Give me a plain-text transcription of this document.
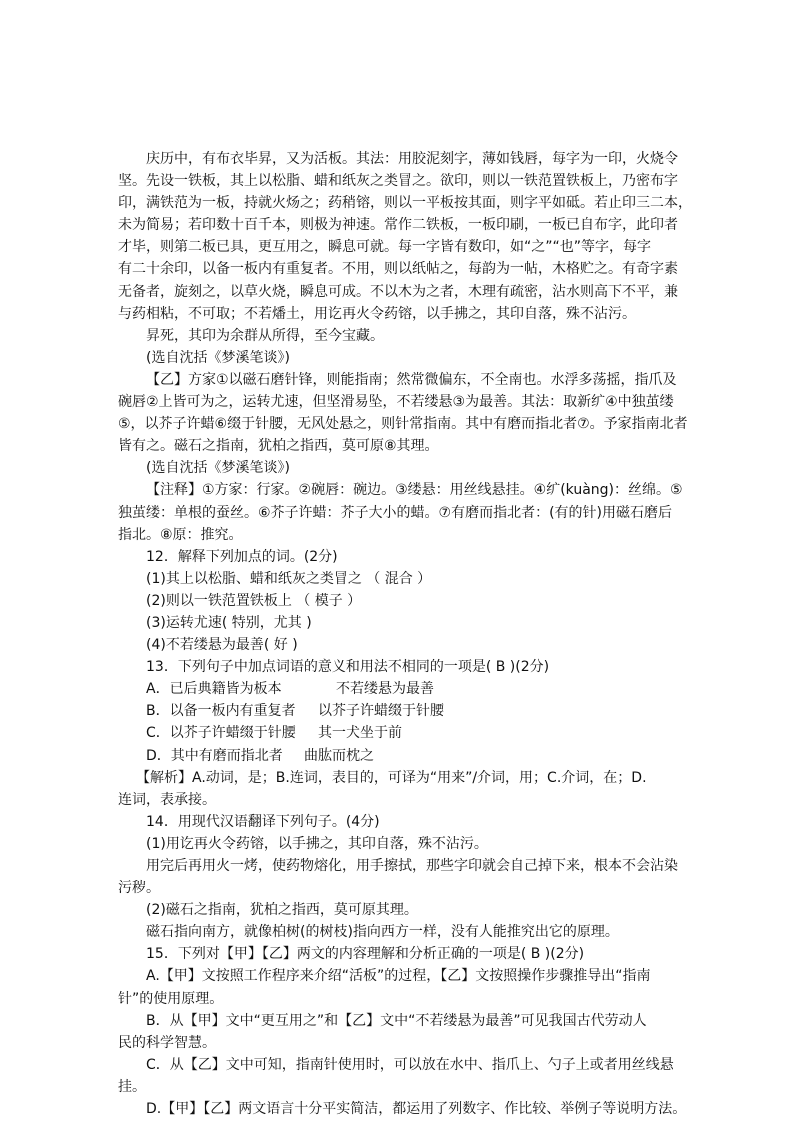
庆历中，有布衣毕昇，又为活板。其法：用胶泥刻字，薄如钱唇，每字为一印，火烧令

坚。先设一铁板，其上以松脂、蜡和纸灰之类冒之。欲印，则以一铁范置铁板上，乃密布字

印，满铁范为一板，持就火炀之；药稍镕，则以一平板按其面，则字平如砥。若止印三二本，

未为简易；若印数十百千本，则极为神速。常作二铁板，一板印刷，一板已自布字，此印者

才毕，则第二板已具，更互用之，瞬息可就。每一字皆有数印，如“之”“也”等字，每字

有二十余印，以备一板内有重复者。不用，则以纸帖之，每韵为一帖，木格贮之。有奇字素

无备者，旋刻之，以草火烧，瞬息可成。不以木为之者，木理有疏密，沾水则高下不平，兼

与药相粘，不可取；不若燔土，用讫再火令药镕，以手拂之，其印自落，殊不沾污。

昇死，其印为余群从所得，至今宝藏。

(选自沈括《梦溪笔谈》)

【乙】方家①以磁石磨针锋，则能指南；然常微偏东，不全南也。水浮多荡摇，指爪及

碗唇②上皆可为之，运转尤速，但坚滑易坠，不若缕悬③为最善。其法：取新纩④中独茧缕

⑤，以芥子许蜡⑥缀于针腰，无风处悬之，则针常指南。其中有磨而指北者⑦。予家指南北者

皆有之。磁石之指南，犹柏之指西，莫可原⑧其理。

(选自沈括《梦溪笔谈》)

【注释】①方家：行家。②碗唇：碗边。③缕悬：用丝线悬挂。④纩(kuàng)：丝绵。⑤

独茧缕：单根的蚕丝。⑥芥子许蜡：芥子大小的蜡。⑦有磨而指北者：(有的针)用磁石磨后

指北。⑧原：推究。

12．解释下列加点的词。(2分)

(1)其上以松脂、蜡和纸灰之类冒之 （ 混合 ）

(2)则以一铁范置铁板上 （ 模子 ）

(3)运转尤速( 特别，尤其 )

(4)不若缕悬为最善( 好 )

13．下列句子中加点词语的意义和用法不相同的一项是( B )(2分)

A．已后典籍皆为板本	不若缕悬为最善

B．以备一板内有重复者 以芥子许蜡缀于针腰

C．以芥子许蜡缀于针腰 其一犬坐于前

D．其中有磨而指北者 曲肱而枕之

【解析】A.动词，是；B.连词，表目的，可译为“用来”/介词，用；C.介词，在；D.

连词，表承接。

14．用现代汉语翻译下列句子。(4分)

(1)用讫再火令药镕，以手拂之，其印自落，殊不沾污。

用完后再用火一烤，使药物熔化，用手擦拭，那些字印就会自己掉下来，根本不会沾染

污秽。

(2)磁石之指南，犹柏之指西，莫可原其理。

磁石指向南方，就像柏树(的树枝)指向西方一样，没有人能推究出它的原理。

15．下列对【甲】【乙】两文的内容理解和分析正确的一项是( B )(2分)

A.【甲】文按照工作程序来介绍“活板”的过程，【乙】文按照操作步骤推导出“指南

针”的使用原理。

B．从【甲】文中“更互用之”和【乙】文中“不若缕悬为最善”可见我国古代劳动人

民的科学智慧。

C．从【乙】文中可知，指南针使用时，可以放在水中、指爪上、勺子上或者用丝线悬

挂。

D.【甲】【乙】两文语言十分平实简洁，都运用了列数字、作比较、举例子等说明方法。
